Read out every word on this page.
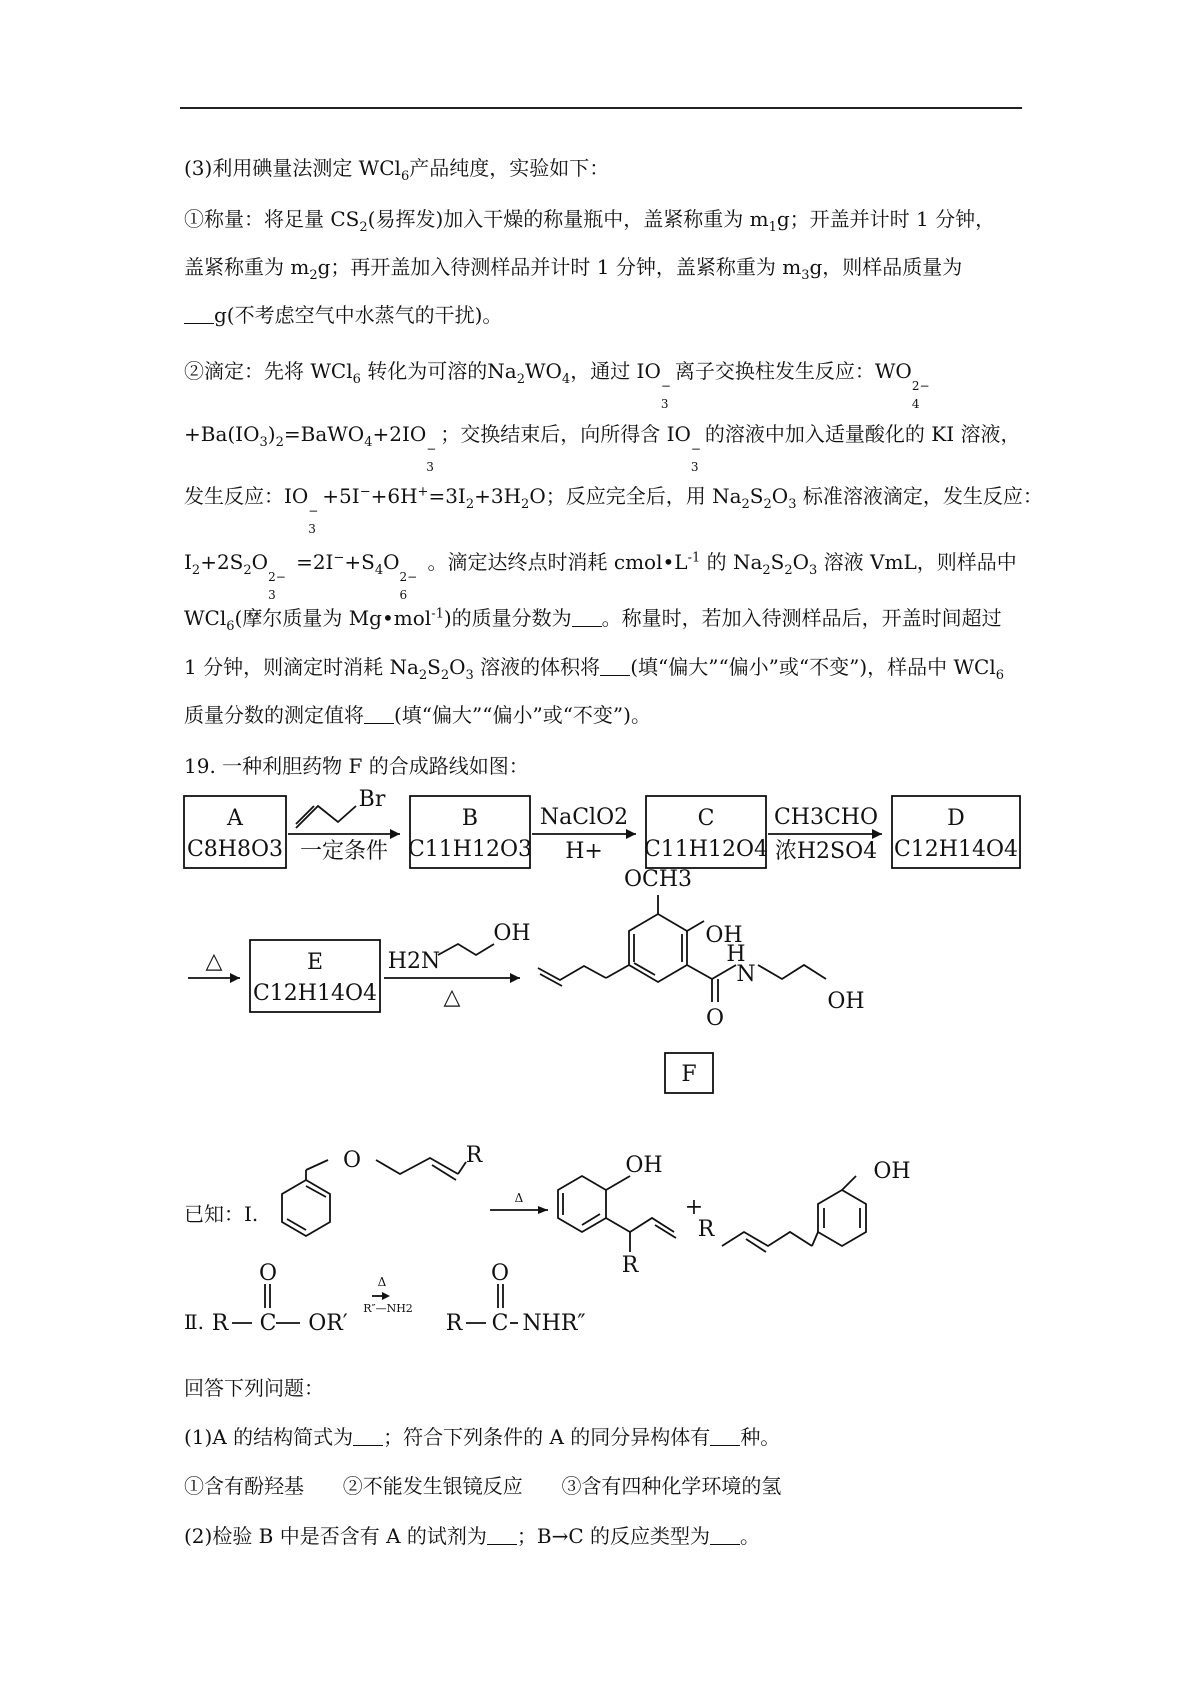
(3)利用碘量法测定 WCl$_6$产品纯度，实验如下：
①称量：将足量 $CS_2$(易挥发)加入干燥的称量瓶中，盖紧称重为 $m_1g$；开盖并计时 1 分钟，
盖紧称重为 $m_2g$；再开盖加入待测样品并计时 1 分钟，盖紧称重为 $m_3g$，则样品质量为
g(不考虑空气中水蒸气的干扰)。
②滴定：先将 WCl$_6$ 转化为可溶的$Na_2WO_4$，通过 IO
−
3
离子交换柱发生反应：WO
2−
4
$+Ba(IO_3)_2=BaWO_4+2IO$
−
3
；交换结束后，向所得含 IO
−
3
的溶液中加入适量酸化的 KI 溶液，
发生反应：IO
−
3
$+5I^-+6H^+=3I_2+3H_2O$；反应完全后，用 $Na_2S_2O_3$ 标准溶液滴定，发生反应：
$I_2+2S_2O$
2−
3
$=2I^-+S_4O$
2−
6
。滴定达终点时消耗 $cmol•L^{-1}$ 的 $Na_2S_2O_3$ 溶液 VmL，则样品中
WCl$_6$(摩尔质量为 Mg•mol$^{-1}$)的质量分数为 。称量时，若加入待测样品后，开盖时间超过
1 分钟，则滴定时消耗 $Na_2S_2O_3$ 溶液的体积将 (填“偏大”“偏小”或“不变”)，样品中 WCl$_6$
质量分数的测定值将 (填“偏大”“偏小”或“不变”)。
19. 一种利胆药物 F 的合成路线如图：
A
C8H8O3
B
C11H12O3
C
C11H12O4
D
C12H14O4
E
C12H14O4
F
一定条件
Br
NaClO2
H+
CH3CHO
浓H2SO4
△	H2N
OH
△
OCH3
OH
H
N
O
OH
O	R	OH
R
+
R
OH
Δ
R C OR′
O
R C NHR″
O
Δ
R″—NH2
已知：Ⅰ.
Ⅱ.
回答下列问题：
(1)A 的结构简式为 ；符合下列条件的 A 的同分异构体有 种。
①含有酚羟基 ②不能发生银镜反应 ③含有四种化学环境的氢
(2)检验 B 中是否含有 A 的试剂为 ；B→C 的反应类型为 。
